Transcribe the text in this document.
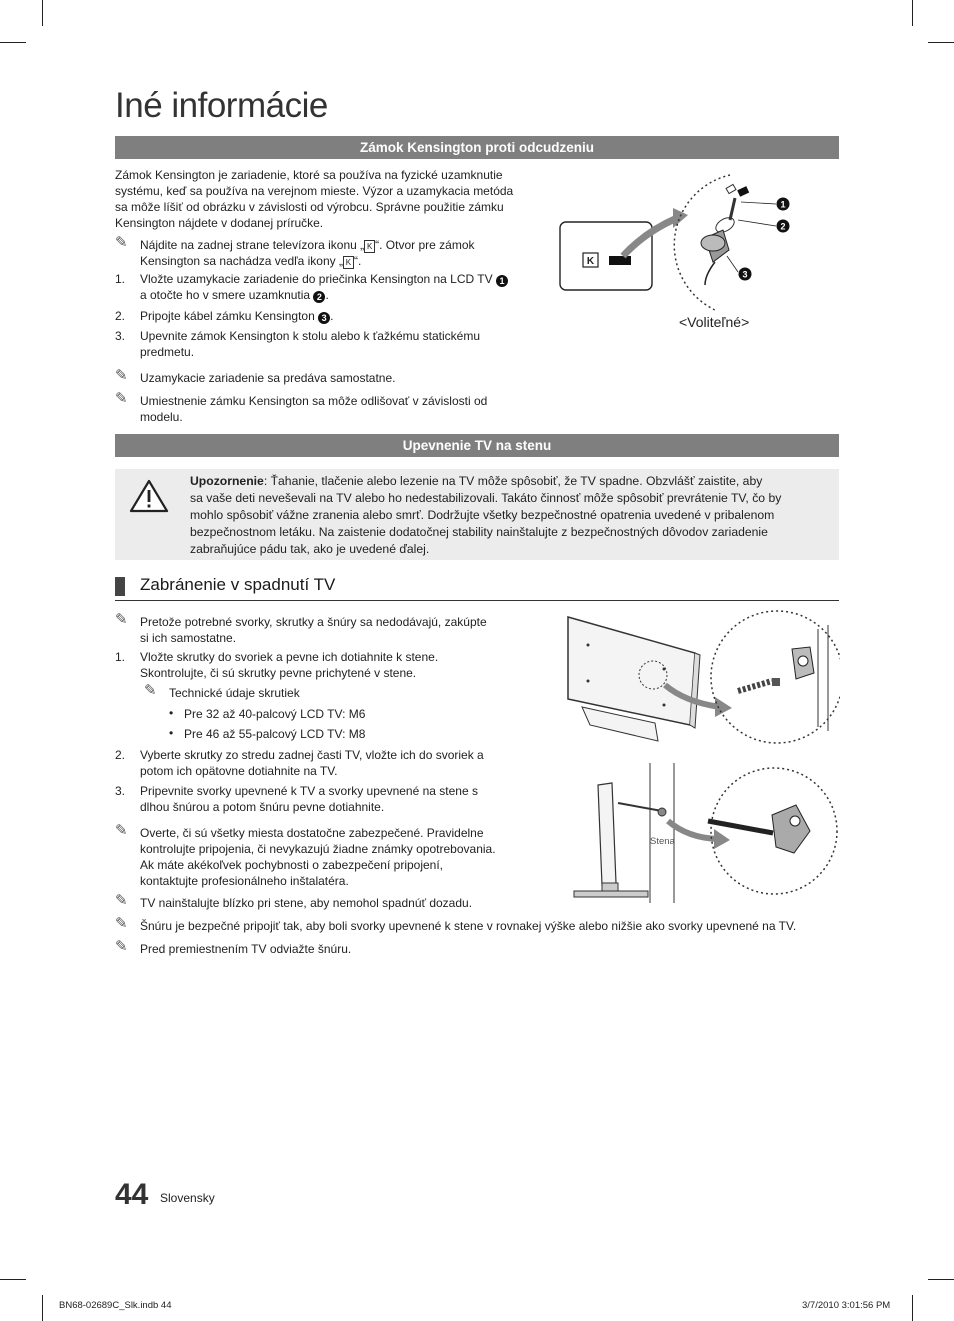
Iné informácie
Zámok Kensington proti odcudzeniu
Zámok Kensington je zariadenie, ktoré sa používa na fyzické uzamknutie
systému, keď sa používa na verejnom mieste. Výzor a uzamykacia metóda
sa môže líšiť od obrázku v závislosti od výrobcu. Správne použitie zámku
Kensington nájdete v dodanej príručke.
✎ Nájdite na zadnej strane televízora ikonu „ K “. Otvor pre zámok
Kensington sa nachádza vedľa ikony „ K “.
1. Vložte uzamykacie zariadenie do priečinka Kensington na LCD TV 1
a otočte ho v smere uzamknutia 2 .
2. Pripojte kábel zámku Kensington 3 .
3. Upevnite zámok Kensington k stolu alebo k ťažkému statickému
predmetu.
✎ Uzamykacie zariadenie sa predáva samostatne.
✎ Umiestnenie zámku Kensington sa môže odlišovať v závislosti od
modelu.
K
1
2
3
<Voliteľné>
Upevnenie TV na stenu
Upozornenie: Ťahanie, tlačenie alebo lezenie na TV môže spôsobiť, že TV spadne. Obzvlášť zaistite, aby
sa vaše deti neveševali na TV alebo ho nedestabilizovali. Takáto činnosť môže spôsobiť prevrátenie TV, čo by
mohlo spôsobiť vážne zranenia alebo smrť. Dodržujte všetky bezpečnostné opatrenia uvedené v pribalenom
bezpečnostnom letáku. Na zaistenie dodatočnej stability nainštalujte z bezpečnostných dôvodov zariadenie
zabraňujúce pádu tak, ako je uvedené ďalej.
Zabránenie v spadnutí TV
✎ Pretože potrebné svorky, skrutky a šnúry sa nedodávajú, zakúpte
si ich samostatne.
1. Vložte skrutky do svoriek a pevne ich dotiahnite k stene.
Skontrolujte, či sú skrutky pevne prichytené v stene.
✎ Technické údaje skrutiek
• Pre 32 až 40-palcový LCD TV: M6
• Pre 46 až 55-palcový LCD TV: M8
2. Vyberte skrutky zo stredu zadnej časti TV, vložte ich do svoriek a
potom ich opätovne dotiahnite na TV.
3. Pripevnite svorky upevnené k TV a svorky upevnené na stene s
dlhou šnúrou a potom šnúru pevne dotiahnite.
✎ Overte, či sú všetky miesta dostatočne zabezpečené. Pravidelne
kontrolujte pripojenia, či nevykazujú žiadne známky opotrebovania.
Ak máte akékoľvek pochybnosti o zabezpečení pripojení,
kontaktujte profesionálneho inštalatéra.
✎ TV nainštalujte blízko pri stene, aby nemohol spadnúť dozadu.
✎ Šnúru je bezpečné pripojiť tak, aby boli svorky upevnené k stene v rovnakej výške alebo nižšie ako svorky upevnené na TV.
✎ Pred premiestnením TV odviažte šnúru.
Stena
44 Slovensky
BN68-02689C_Slk.indb 44	3/7/2010 3:01:56 PM
